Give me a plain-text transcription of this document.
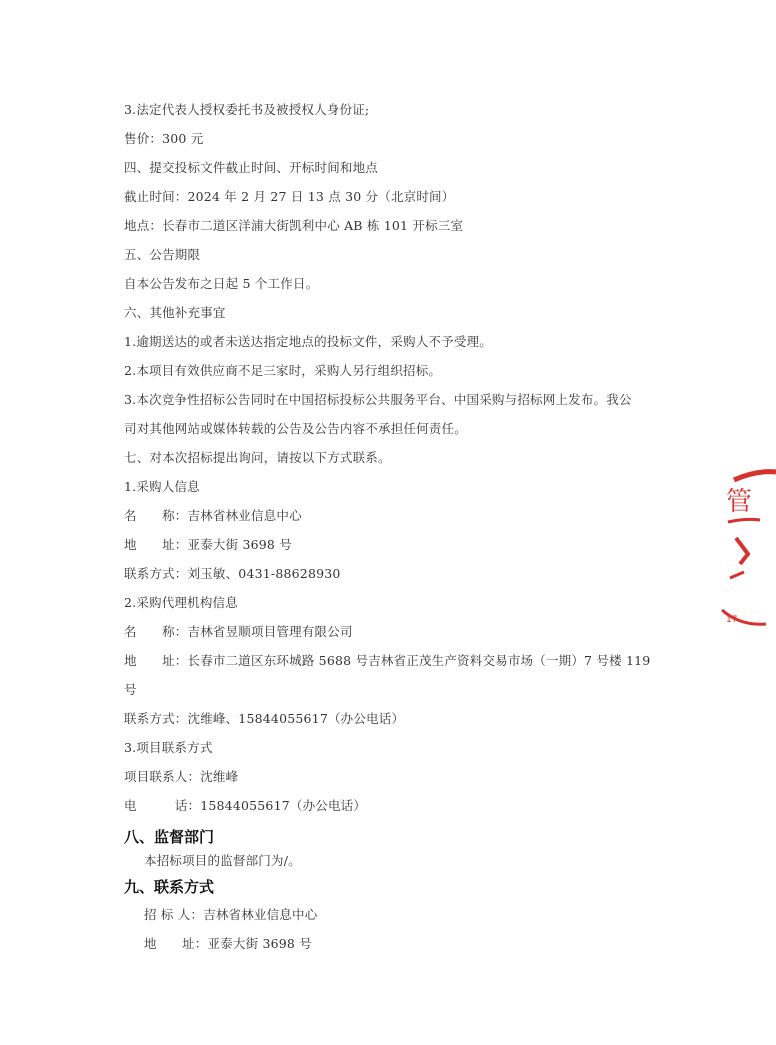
3.法定代表人授权委托书及被授权人身份证;
售价：300 元
四、提交投标文件截止时间、开标时间和地点
截止时间：2024 年 2 月 27 日 13 点 30 分（北京时间）
地点：长春市二道区洋浦大街凯利中心 AB 栋 101 开标三室
五、公告期限
自本公告发布之日起 5 个工作日。
六、其他补充事宜
1.逾期送达的或者未送达指定地点的投标文件，采购人不予受理。
2.本项目有效供应商不足三家时，采购人另行组织招标。
3.本次竞争性招标公告同时在中国招标投标公共服务平台、中国采购与招标网上发布。我公
司对其他网站或媒体转载的公告及公告内容不承担任何责任。
七、对本次招标提出询问，请按以下方式联系。
1.采购人信息
名　　称：吉林省林业信息中心
地　　址：亚泰大街 3698 号
联系方式：刘玉敏、0431-88628930
2.采购代理机构信息
名　　称：吉林省昱顺项目管理有限公司
地　　址：长春市二道区东环城路 5688 号吉林省正茂生产资料交易市场（一期）7 号楼 119
号
联系方式：沈维峰、15844055617（办公电话）
3.项目联系方式
项目联系人：沈维峰
电　　　话：15844055617（办公电话）
八、监督部门
本招标项目的监督部门为/。
九、联系方式
招 标 人：吉林省林业信息中心
地　　址：亚泰大街 3698 号
管
17
